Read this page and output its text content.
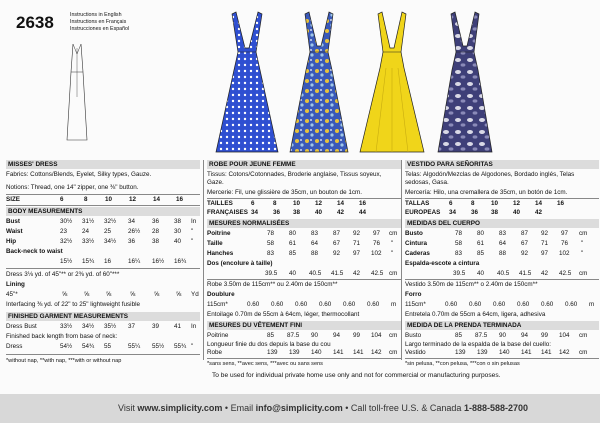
2638	Instructions in English
Instructions en Français
Instrucciones en Español
MISSES' DRESS
Fabrics: Cottons/Blends, Eyelet, Silky types, Gauze.
Notions: Thread, one 14" zipper, one ⅜" button.
SIZE	6	8	10	12	14	16
BODY MEASUREMENTS
Bust	30½ 31½ 32½ 34	36 38 In
Waist	23 24 25	26½ 28 30 "
Hip	32½ 33½ 34½ 36	38 40 "
Back-neck to waist
15½ 15¾ 16	16¼ 16½ 16¾
Dress 3⅛ yd. of 45"** or 2⅜ yd. of 60"***
Lining
45"*	⅝	⅝	⅝	⅝	⅝	⅝ Yd
Interfacing ⅜ yd. of 22" to 25" lightweight fusible
FINISHED GARMENT MEASUREMENTS
Dress Bust	33½ 34½ 35½ 37	39 41 In
Finished back length from base of neck:
Dress	54½ 54¾ 55	55¼ 55½ 55¾ "
*without nap, **with nap, ***with or without nap
ROBE POUR JEUNE FEMME
Tissus: Cotons/Cotonnades, Broderie anglaise, Tissus soyeux,
Gaze.
Mercerie: Fil, une glissière de 35cm, un bouton de 1cm.
TAILLES	6	8	10 12 14 16
FRANÇAISES 34 36 38 40 42 44
MESURES NORMALISÉES
Poitrine	78 80 83 87 92 97 cm
Taille	58 61 64 67 71 76 "
Hanches	83 85 88 92 97 102 "
Dos (encolure à taille)
39.5 40 40.5 41.5 42 42.5 cm
Robe 3.50m de 115cm** ou 2.40m de 150cm**
Doublure
115cm*	0.60 0.60 0.60 0.60 0.60 0.60 m
Entoilage 0.70m de 55cm à 64cm, léger, thermocollant
MESURES DU VÊTEMENT FINI
Poitrine	85 87.5 90 94 99 104 cm
Longueur finie du dos depuis la base du cou
Robe	139 139 140 141 141 142 cm
*sans sens, **avec sens, ***avec ou sans sens
VESTIDO PARA SEÑORITAS
Telas: Algodón/Mezclas de Algodones, Bordado inglés, Telas
sedosas, Gasa.
Mercería: Hilo, una cremallera de 35cm, un botón de 1cm.
TALLAS	6	8	10 12 14 16
EUROPEAS 34 36 38 40 42
MEDIDAS DEL CUERPO
Busto	78 80 83 87 92 97 cm
Cintura	58 61 64 67 71 76 "
Caderas	83 85 88 92 97 102 "
Espalda-escote a cintura
39.5 40 40.5 41.5 42 42.5 cm
Vestido 3.50m de 115cm** o 2.40m de 150cm**
Forro
115cm*	0.60 0.60 0.60 0.60 0.60 0.60 m
Entretela 0.70m de 55cm a 64cm, ligera, adhesiva
MEDIDA DE LA PRENDA TERMINADA
Busto	85 87.5 90 94 99 104 cm
Largo terminado de la espalda de la base del cuello:
Vestido	139 139 140 141 141 142 cm
*sin pelusa, **con pelusa, ***con o sin pelusas
To be used for individual private home use only and not for commercial or manufacturing purposes.
Visit www.simplicity.com • Email info@simplicity.com • Call toll-free U.S. & Canada 1-888-588-2700
